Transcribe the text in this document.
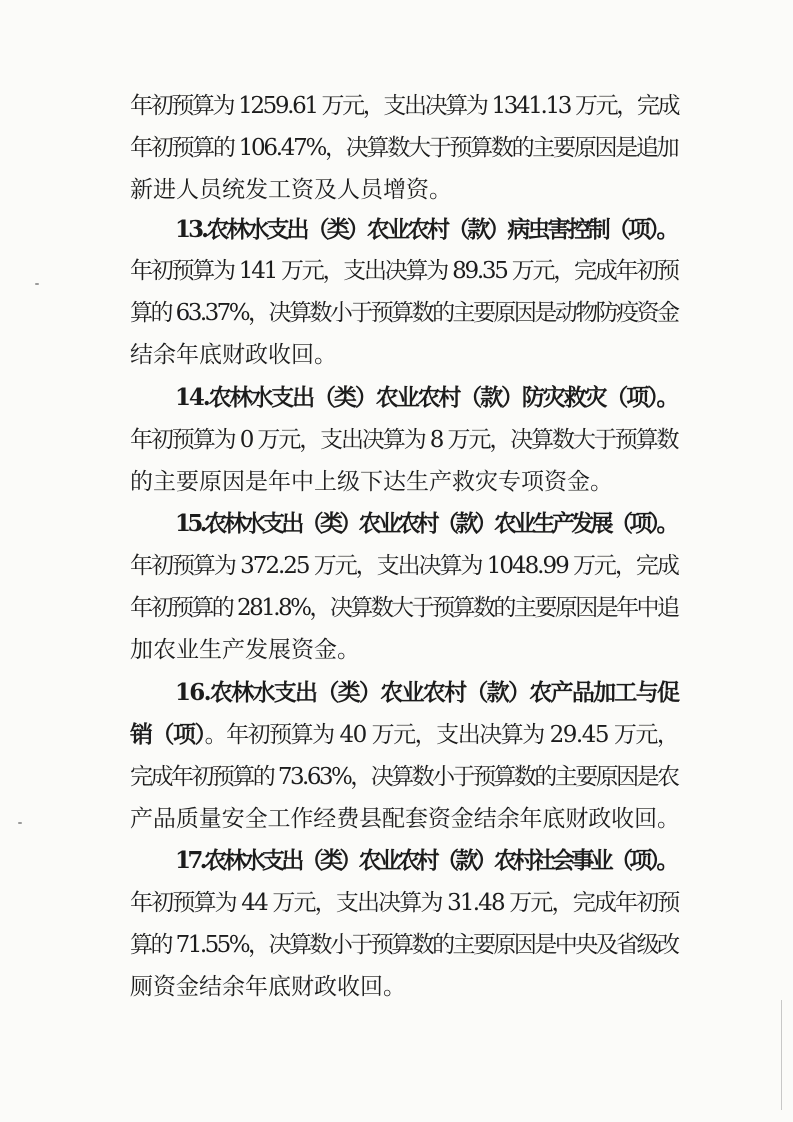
年初预算为 1259.61 万元，支出决算为 1341.13 万元，完成
年初预算的 106.47%，决算数大于预算数的主要原因是追加
新进人员统发工资及人员增资。
13.农林水支出（类）农业农村（款）病虫害控制（项）。
年初预算为 141 万元，支出决算为 89.35 万元，完成年初预
算的 63.37%，决算数小于预算数的主要原因是动物防疫资金
结余年底财政收回。
14.农林水支出（类）农业农村（款）防灾救灾（项）。
年初预算为 0 万元，支出决算为 8 万元，决算数大于预算数
的主要原因是年中上级下达生产救灾专项资金。
15.农林水支出（类）农业农村（款）农业生产发展（项）。
年初预算为 372.25 万元，支出决算为 1048.99 万元，完成
年初预算的 281.8%，决算数大于预算数的主要原因是年中追
加农业生产发展资金。
16.农林水支出（类）农业农村（款）农产品加工与促
销（项）。年初预算为 40 万元，支出决算为 29.45 万元，
完成年初预算的 73.63%，决算数小于预算数的主要原因是农
产品质量安全工作经费县配套资金结余年底财政收回。
17.农林水支出（类）农业农村（款）农村社会事业（项）。
年初预算为 44 万元，支出决算为 31.48 万元，完成年初预
算的 71.55%，决算数小于预算数的主要原因是中央及省级改
厕资金结余年底财政收回。
